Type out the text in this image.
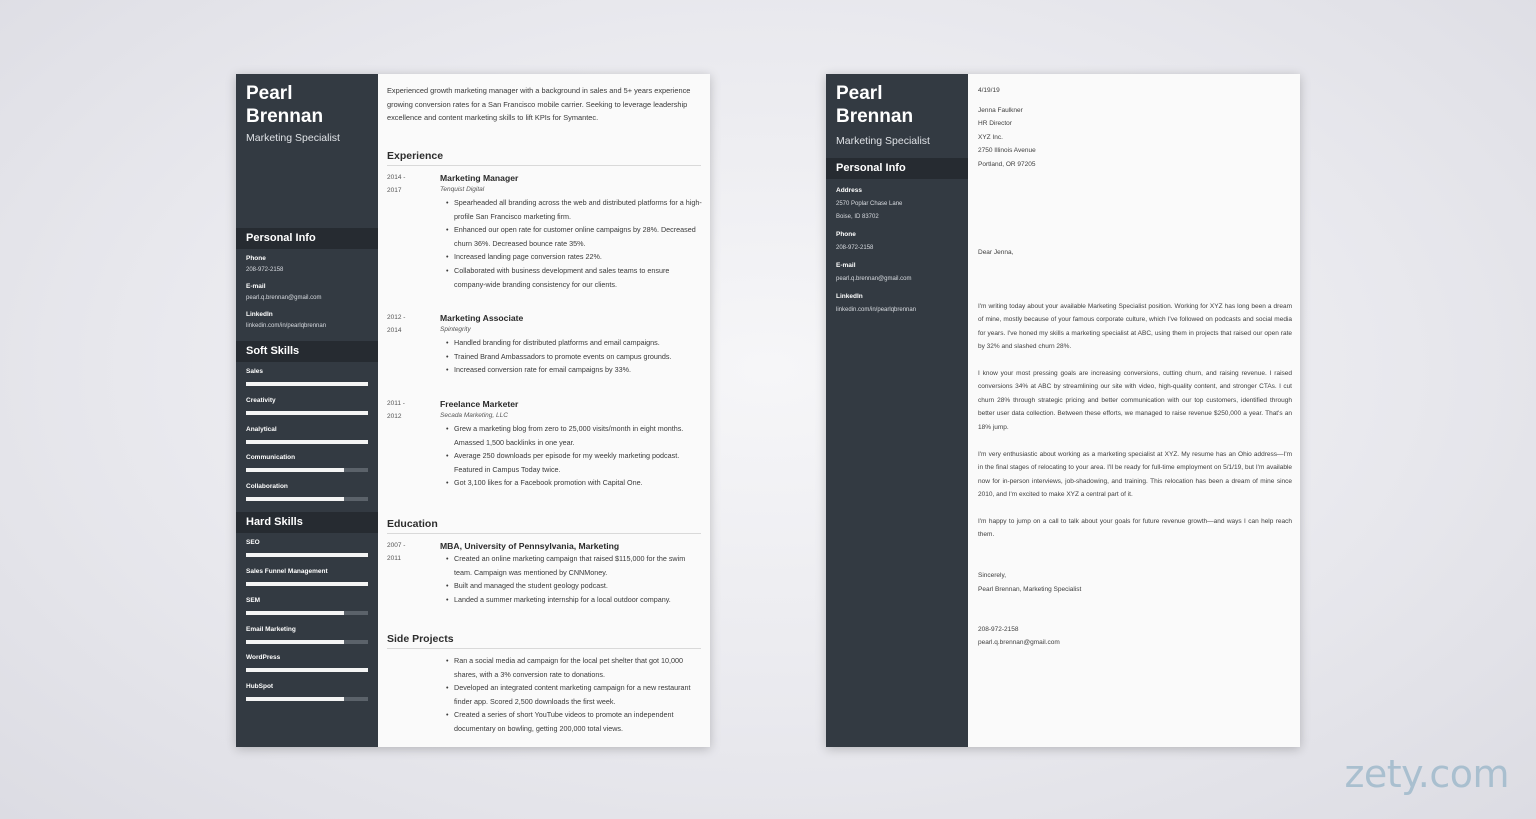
Pearl Brennan
Marketing Specialist
Personal Info
Phone
208-972-2158
E-mail
pearl.q.brennan@gmail.com
LinkedIn
linkedin.com/in/pearlqbrennan
Soft Skills
Sales
Creativity
Analytical
Communication
Collaboration
Hard Skills
SEO
Sales Funnel Management
SEM
Email Marketing
WordPress
HubSpot
Experienced growth marketing manager with a background in sales and 5+ years experience growing conversion rates for a San Francisco mobile carrier. Seeking to leverage leadership excellence and content marketing skills to lift KPIs for Symantec.
Experience
2014 -
2017
Marketing Manager
Tenquist Digital
• Spearheaded all branding across the web and distributed platforms for a high-profile San Francisco marketing firm.
• Enhanced our open rate for customer online campaigns by 28%. Decreased churn 36%. Decreased bounce rate 35%.
• Increased landing page conversion rates 22%.
• Collaborated with business development and sales teams to ensure company-wide branding consistency for our clients.
2012 -
2014
Marketing Associate
Spintegrity
• Handled branding for distributed platforms and email campaigns.
• Trained Brand Ambassadors to promote events on campus grounds.
• Increased conversion rate for email campaigns by 33%.
2011 -
2012
Freelance Marketer
Secada Marketing, LLC
• Grew a marketing blog from zero to 25,000 visits/month in eight months. Amassed 1,500 backlinks in one year.
• Average 250 downloads per episode for my weekly marketing podcast. Featured in Campus Today twice.
• Got 3,100 likes for a Facebook promotion with Capital One.
Education
2007 -
2011
MBA, University of Pennsylvania, Marketing
• Created an online marketing campaign that raised $115,000 for the swim team. Campaign was mentioned by CNNMoney.
• Built and managed the student geology podcast.
• Landed a summer marketing internship for a local outdoor company.
Side Projects
• Ran a social media ad campaign for the local pet shelter that got 10,000 shares, with a 3% conversion rate to donations.
• Developed an integrated content marketing campaign for a new restaurant finder app. Scored 2,500 downloads the first week.
• Created a series of short YouTube videos to promote an independent documentary on bowling, getting 200,000 total views.
Pearl Brennan
Marketing Specialist
Personal Info
Address
2570 Poplar Chase Lane
Boise, ID 83702
Phone
208-972-2158
E-mail
pearl.q.brennan@gmail.com
LinkedIn
linkedin.com/in/pearlqbrennan
4/19/19
Jenna Faulkner
HR Director
XYZ Inc.
2750 Illinois Avenue
Portland, OR 97205
Dear Jenna,
I'm writing today about your available Marketing Specialist position. Working for XYZ has long been a dream of mine, mostly because of your famous corporate culture, which I've followed on podcasts and social media for years. I've honed my skills a marketing specialist at ABC, using them in projects that raised our open rate by 32% and slashed churn 28%.
I know your most pressing goals are increasing conversions, cutting churn, and raising revenue. I raised conversions 34% at ABC by streamlining our site with video, high-quality content, and stronger CTAs. I cut churn 28% through strategic pricing and better communication with our top customers, identified through better user data collection. Between these efforts, we managed to raise revenue $250,000 a year. That's an 18% jump.
I'm very enthusiastic about working as a marketing specialist at XYZ. My resume has an Ohio address—I'm in the final stages of relocating to your area. I'll be ready for full-time employment on 5/1/19, but I'm available now for in-person interviews, job-shadowing, and training. This relocation has been a dream of mine since 2010, and I'm excited to make XYZ a central part of it.
I'm happy to jump on a call to talk about your goals for future revenue growth—and ways I can help reach them.
Sincerely,
Pearl Brennan, Marketing Specialist
208-972-2158
pearl.q.brennan@gmail.com
zety.com
